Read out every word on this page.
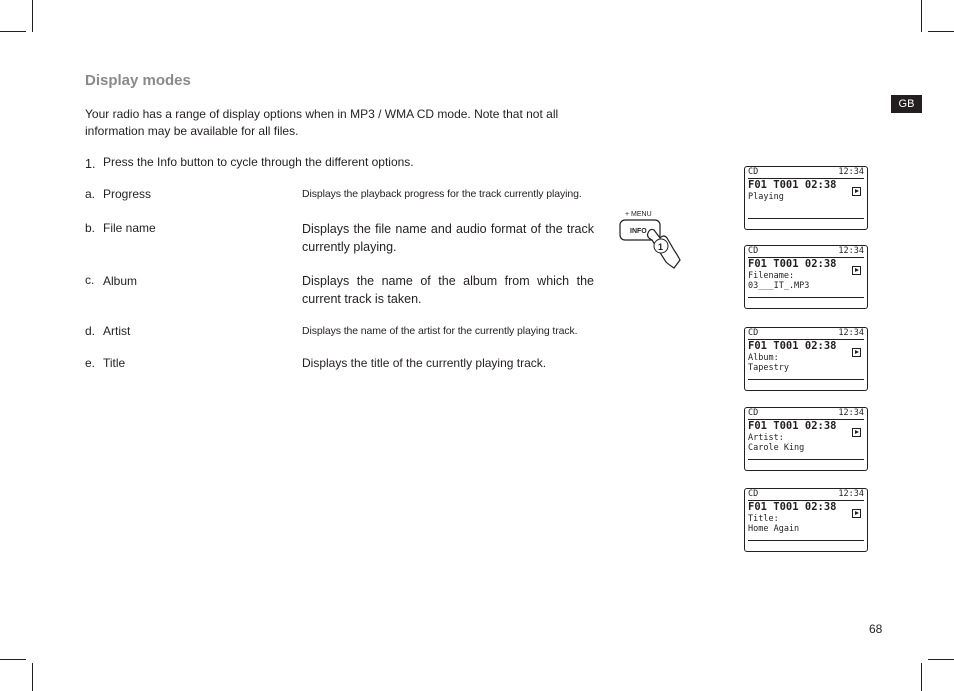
Display modes
Your radio has a range of display options when in MP3 / WMA CD mode. Note that not all information may be available for all files.
1. Press the Info button to cycle through the different options.
a. Progress	Displays the playback progress for the track currently playing.
b. File name	Displays the file name and audio format of the track currently playing.
c. Album	Displays the name of the album from which the current track is taken.
d. Artist	Displays the name of the artist for the currently playing track.
e. Title	Displays the title of the currently playing track.
+ MENU
INFO
1
CD	12:34
F01 T001 02:38
Playing
CD	12:34
F01 T001 02:38
Filename:
03___IT_.MP3
CD	12:34
F01 T001 02:38
Album:
Tapestry
CD	12:34
F01 T001 02:38
Artist:
Carole King
CD	12:34
F01 T001 02:38
Title:
Home Again
GB
68
